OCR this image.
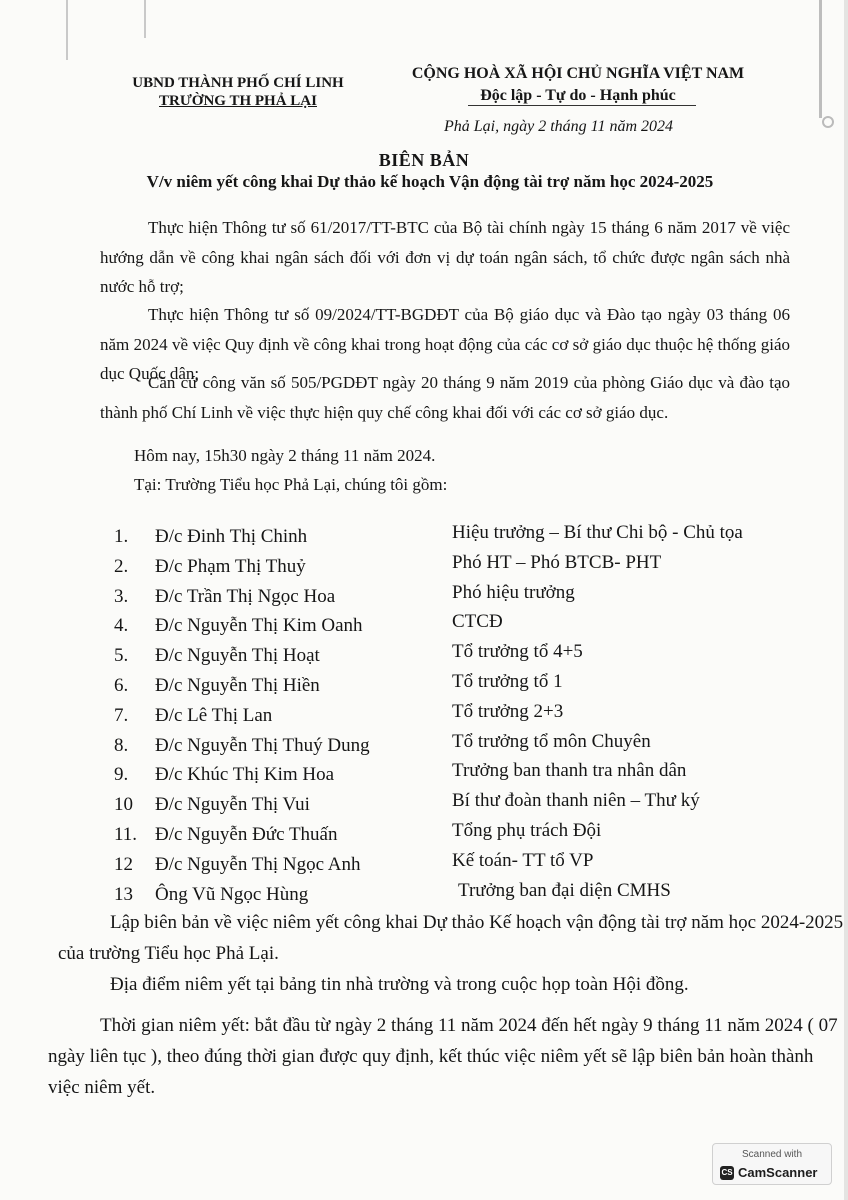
UBND THÀNH PHỐ CHÍ LINH
TRƯỜNG TH PHẢ LẠI
CỘNG HOÀ XÃ HỘI CHỦ NGHĨA VIỆT NAM
Độc lập - Tự do - Hạnh phúc
Phả Lại, ngày 2 tháng 11 năm 2024
BIÊN BẢN
V/v niêm yết công khai Dự thảo kế hoạch Vận động tài trợ năm học 2024-2025
Thực hiện Thông tư số 61/2017/TT-BTC của Bộ tài chính ngày 15 tháng 6 năm 2017 về việc hướng dẫn về công khai ngân sách đối với đơn vị dự toán ngân sách, tổ chức được ngân sách nhà nước hỗ trợ;
Thực hiện Thông tư số 09/2024/TT-BGDĐT của Bộ giáo dục và Đào tạo ngày 03 tháng 06 năm 2024 về việc Quy định về công khai trong hoạt động của các cơ sở giáo dục thuộc hệ thống giáo dục Quốc dân;
Căn cứ công văn số 505/PGDĐT ngày 20 tháng 9 năm 2019 của phòng Giáo dục và đào tạo thành phố Chí Linh về việc thực hiện quy chế công khai đối với các cơ sở giáo dục.
Hôm nay, 15h30 ngày 2 tháng 11 năm 2024.
Tại: Trường Tiểu học Phả Lại, chúng tôi gồm:
1. Đ/c Đinh Thị Chinh	Hiệu trưởng – Bí thư Chi bộ - Chủ tọa
2. Đ/c Phạm Thị Thuỷ	Phó HT – Phó BTCB- PHT
3. Đ/c Trần Thị Ngọc Hoa	Phó hiệu trưởng
4. Đ/c Nguyễn Thị Kim Oanh	CTCĐ
5. Đ/c Nguyễn Thị Hoạt	Tổ trưởng tổ 4+5
6. Đ/c Nguyễn Thị Hiền	Tổ trưởng tổ 1
7. Đ/c Lê Thị Lan	Tổ trưởng 2+3
8. Đ/c Nguyễn Thị Thuý Dung	Tổ trưởng tổ môn Chuyên
9. Đ/c Khúc Thị Kim Hoa	Trưởng ban thanh tra nhân dân
10 Đ/c Nguyễn Thị Vui	Bí thư đoàn thanh niên – Thư ký
11. Đ/c Nguyễn Đức Thuấn	Tổng phụ trách Đội
12 Đ/c Nguyễn Thị Ngọc Anh	Kế toán- TT tổ VP
13 Ông Vũ Ngọc Hùng	Trưởng ban đại diện CMHS
Lập biên bản về việc niêm yết công khai Dự thảo Kế hoạch vận động tài trợ năm học 2024-2025 của trường Tiểu học Phả Lại.
Địa điểm niêm yết tại bảng tin nhà trường và trong cuộc họp toàn Hội đồng.
Thời gian niêm yết: bắt đầu từ ngày 2 tháng 11 năm 2024 đến hết ngày 9 tháng 11 năm 2024 ( 07 ngày liên tục ), theo đúng thời gian được quy định, kết thúc việc niêm yết sẽ lập biên bản hoàn thành việc niêm yết.
Scanned with
CS CamScanner
